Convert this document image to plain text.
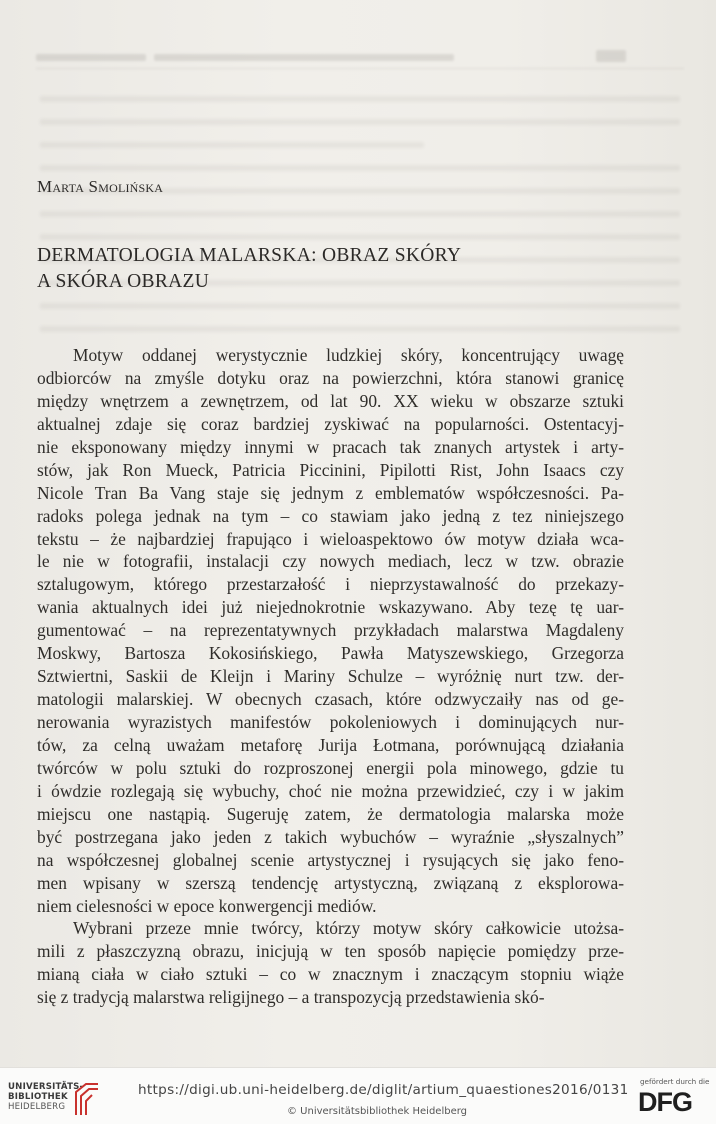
Marta Smolińska
DERMATOLOGIA MALARSKA: OBRAZ SKÓRY
A SKÓRA OBRAZU
Motyw oddanej werystycznie ludzkiej skóry, koncentrujący uwagę
odbiorców na zmyśle dotyku oraz na powierzchni, która stanowi granicę
między wnętrzem a zewnętrzem, od lat 90. XX wieku w obszarze sztuki
aktualnej zdaje się coraz bardziej zyskiwać na popularności. Ostentacyj-
nie eksponowany między innymi w pracach tak znanych artystek i arty-
stów, jak Ron Mueck, Patricia Piccinini, Pipilotti Rist, John Isaacs czy
Nicole Tran Ba Vang staje się jednym z emblematów współczesności. Pa-
radoks polega jednak na tym – co stawiam jako jedną z tez niniejszego
tekstu – że najbardziej frapująco i wieloaspektowo ów motyw działa wca-
le nie w fotografii, instalacji czy nowych mediach, lecz w tzw. obrazie
sztalugowym, którego przestarzałość i nieprzystawalność do przekazy-
wania aktualnych idei już niejednokrotnie wskazywano. Aby tezę tę uar-
gumentować – na reprezentatywnych przykładach malarstwa Magdaleny
Moskwy, Bartosza Kokosińskiego, Pawła Matyszewskiego, Grzegorza
Sztwiertni, Saskii de Kleijn i Mariny Schulze – wyróżnię nurt tzw. der-
matologii malarskiej. W obecnych czasach, które odzwyczaiły nas od ge-
nerowania wyrazistych manifestów pokoleniowych i dominujących nur-
tów, za celną uważam metaforę Jurija Łotmana, porównującą działania
twórców w polu sztuki do rozproszonej energii pola minowego, gdzie tu
i ówdzie rozlegają się wybuchy, choć nie można przewidzieć, czy i w jakim
miejscu one nastąpią. Sugeruję zatem, że dermatologia malarska może
być postrzegana jako jeden z takich wybuchów – wyraźnie „słyszalnych”
na współczesnej globalnej scenie artystycznej i rysujących się jako feno-
men wpisany w szerszą tendencję artystyczną, związaną z eksplorowa-
niem cielesności w epoce konwergencji mediów.
Wybrani przeze mnie twórcy, którzy motyw skóry całkowicie utożsa-
mili z płaszczyzną obrazu, inicjują w ten sposób napięcie pomiędzy prze-
mianą ciała w ciało sztuki – co w znacznym i znaczącym stopniu wiąże
się z tradycją malarstwa religijnego – a transpozycją przedstawienia skó-
UNIVERSITÄTS-
BIBLIOTHEK
HEIDELBERG
https://digi.ub.uni-heidelberg.de/diglit/artium_quaestiones2016/0131
© Universitätsbibliothek Heidelberg
gefördert durch die
DFG
